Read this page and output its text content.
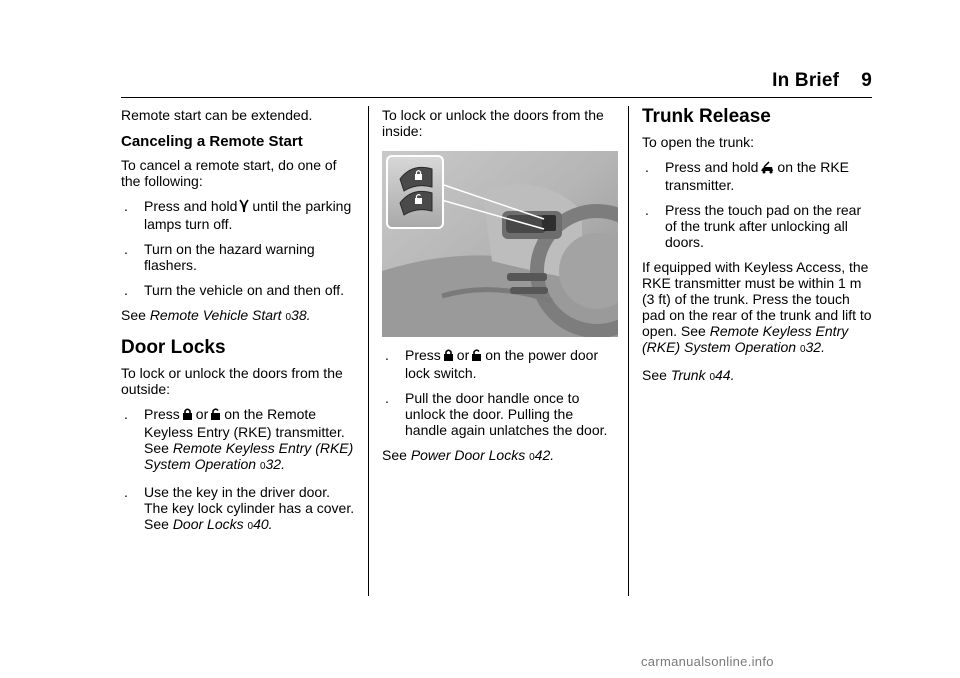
In Brief 9

Remote start can be extended.

Canceling a Remote Start

To cancel a remote start, do one of the following:

. Press and hold until the parking lamps turn off.
. Turn on the hazard warning flashers.
. Turn the vehicle on and then off.

See Remote Vehicle Start 038.

Door Locks

To lock or unlock the doors from the outside:

. Press or on the Remote Keyless Entry (RKE) transmitter. See Remote Keyless Entry (RKE) System Operation 032.
. Use the key in the driver door. The key lock cylinder has a cover. See Door Locks 040.

To lock or unlock the doors from the inside:

. Press or on the power door lock switch.
. Pull the door handle once to unlock the door. Pulling the handle again unlatches the door.

See Power Door Locks 042.

Trunk Release

To open the trunk:

. Press and hold on the RKE transmitter.
. Press the touch pad on the rear of the trunk after unlocking all doors.

If equipped with Keyless Access, the RKE transmitter must be within 1 m (3 ft) of the trunk. Press the touch pad on the rear of the trunk and lift to open. See Remote Keyless Entry (RKE) System Operation 032.

See Trunk 044.

carmanualsonline.info
